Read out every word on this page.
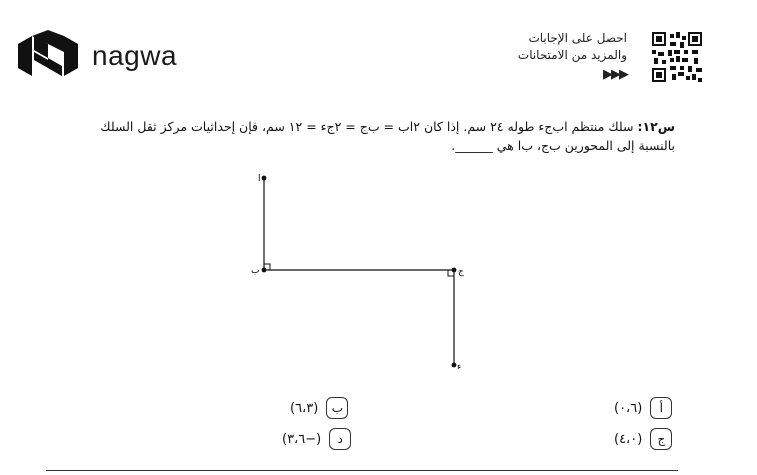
nagwa
احصل على الإجابات
والمزيد من الامتحانات
▶▶▶
س١٢: سلك منتظم اب‌جء طوله ٢٤ سم. إذا كان ٢اب = ب‌ج = ٢جء = ١٢ سم، فإن إحداثيات مركز ثقل السلك
بالنسبة إلى المحورين ب‌ج، ب‌ا هي ______.
ا
ب	ج
ء
أ
(٠،٦)
ب
(٦،٣)
ج
(٤،٠)
د
(−٣،٦)
